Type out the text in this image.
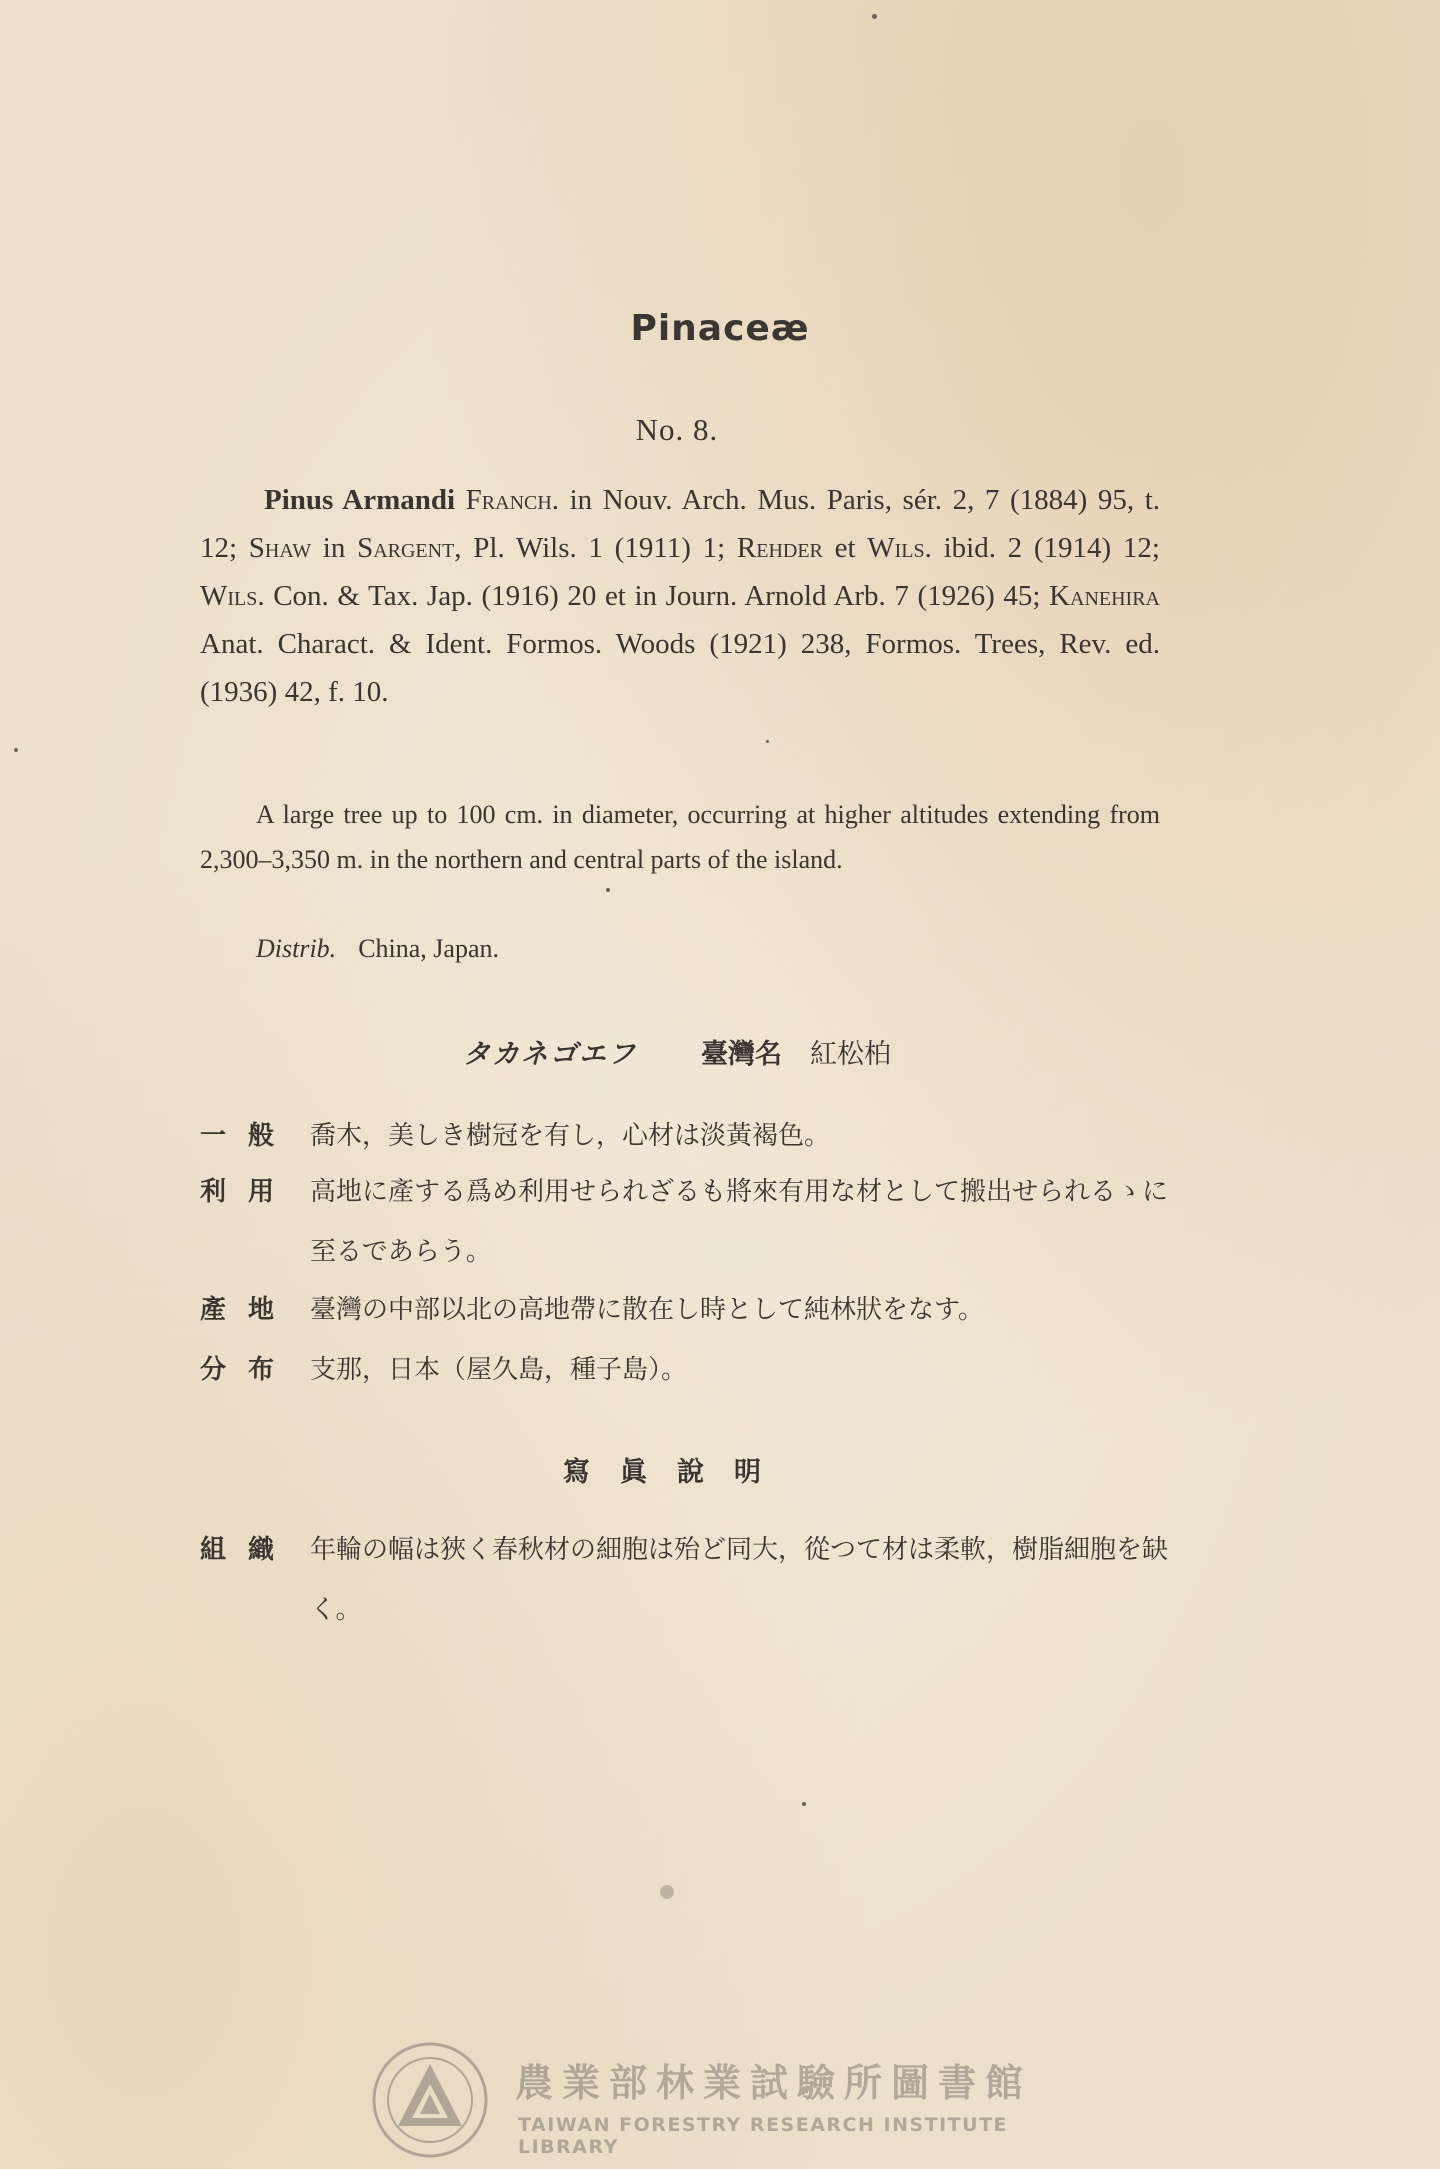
Pinaceæ
No. 8.

Pinus Armandi Franch. in Nouv. Arch. Mus. Paris, sér. 2, 7 (1884) 95, t. 12; Shaw in Sargent, Pl. Wils. 1 (1911) 1; Rehder et Wils. ibid. 2 (1914) 12; Wils. Con. & Tax. Jap. (1916) 20 et in Journ. Arnold Arb. 7 (1926) 45; Kanehira Anat. Charact. & Ident. Formos. Woods (1921) 238, Formos. Trees, Rev. ed. (1936) 42, f. 10.

A large tree up to 100 cm. in diameter, occurring at higher altitudes extending from 2,300–3,350 m. in the northern and central parts of the island.

Distrib. China, Japan.

タカネゴエフ 臺灣名 紅松柏
一般 喬木，美しき樹冠を有し，心材は淡黃褐色。
利用 高地に產する爲め利用せられざるも將來有用な材として搬出せられるゝに至るであらう。
產地 臺灣の中部以北の高地帶に散在し時として純林狀をなす。
分布 支那，日本（屋久島，種子島）。
寫眞說明
組織 年輪の幅は狹く春秋材の細胞は殆ど同大，從つて材は柔軟，樹脂細胞を缺く。
農業部林業試驗所圖書館
TAIWAN FORESTRY RESEARCH INSTITUTE LIBRARY
